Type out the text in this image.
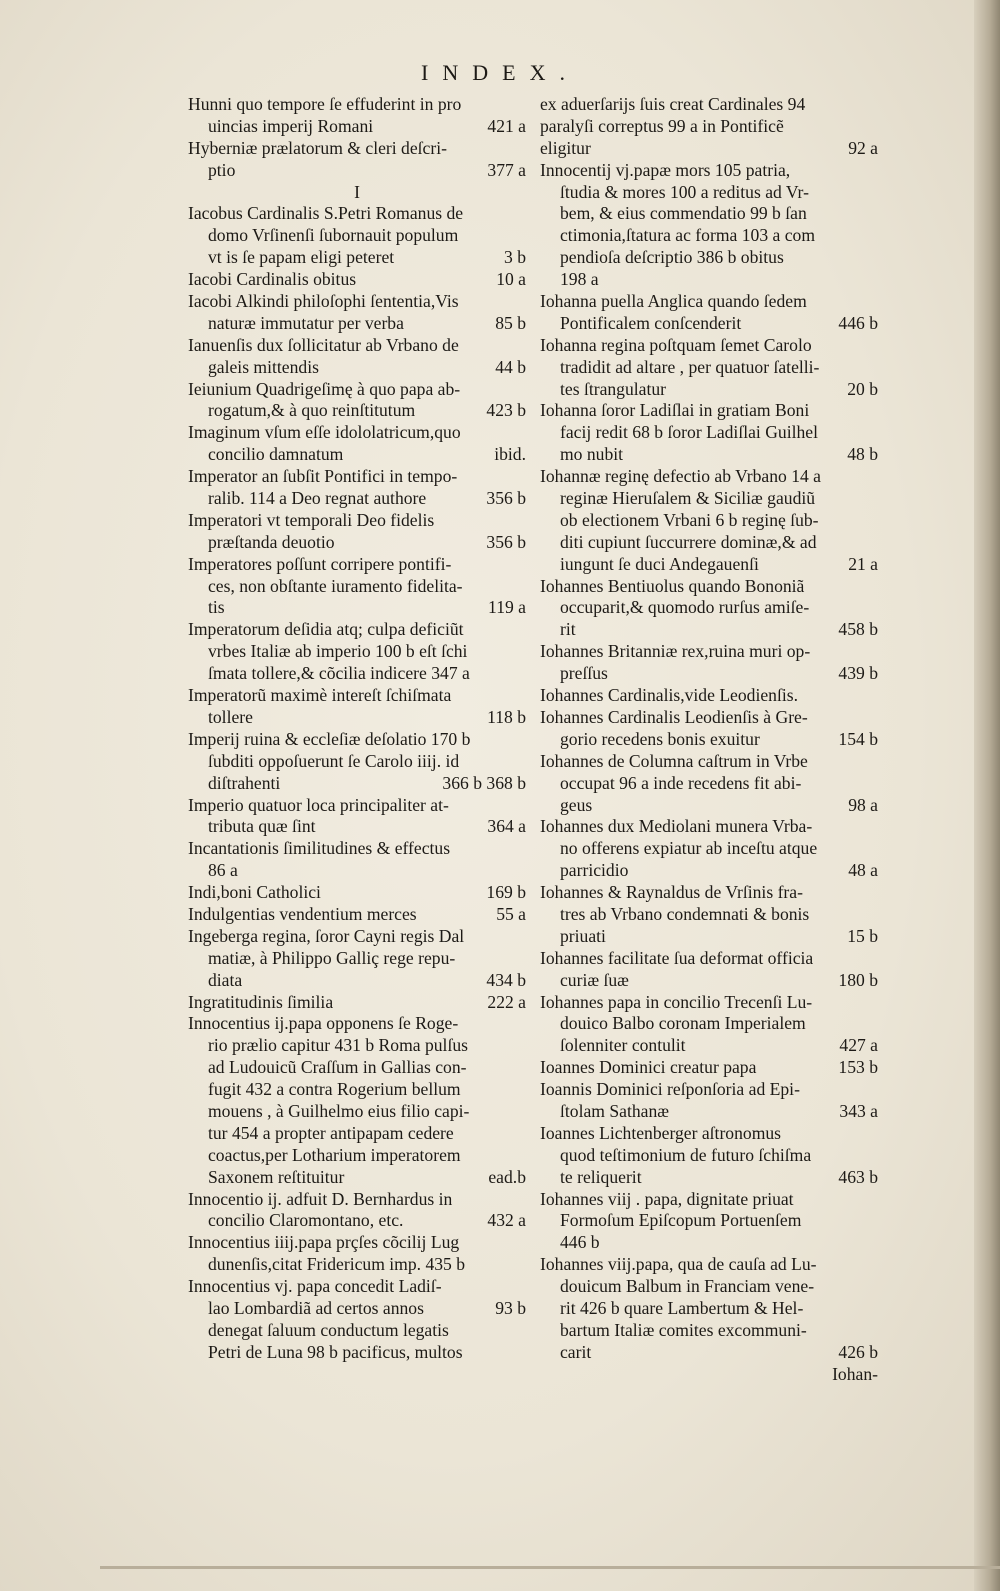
INDEX.
Hunni quo tempore ſe effuderint in pro
uincias imperij Romani	421 a
Hyberniæ prælatorum & cleri deſcri-
ptio	377 a
I
Iacobus Cardinalis S.Petri Romanus de
domo Vrſinenſi ſubornauit populum
vt is ſe papam eligi peteret	3 b
Iacobi Cardinalis obitus	10 a
Iacobi Alkindi philoſophi ſententia,Vis
naturæ immutatur per verba	85 b
Ianuenſis dux ſollicitatur ab Vrbano de
galeis mittendis	44 b
Ieiunium Quadrigeſimę à quo papa ab-
rogatum,& à quo reinſtitutum	423 b
Imaginum vſum eſſe idololatricum,quo
concilio damnatum	ibid.
Imperator an ſubſit Pontifici in tempo-
ralib. 114 a Deo regnat authore	356 b
Imperatori vt temporali Deo fidelis
præſtanda deuotio	356 b
Imperatores poſſunt corripere pontifi-
ces, non obſtante iuramento fidelita-
tis	119 a
Imperatorum deſidia atq; culpa deficiũt
vrbes Italiæ ab imperio 100 b eſt ſchi
ſmata tollere,& cõcilia indicere 347 a
Imperatorũ maximè intereſt ſchiſmata
tollere	118 b
Imperij ruina & eccleſiæ deſolatio 170 b
ſubditi oppoſuerunt ſe Carolo iiij. id
diſtrahenti	366 b 368 b
Imperio quatuor loca principaliter at-
tributa quæ ſint	364 a
Incantationis ſimilitudines & effectus
86 a
Indi,boni Catholici	169 b
Indulgentias vendentium merces	55 a
Ingeberga regina, ſoror Cayni regis Dal
matiæ, à Philippo Galliç rege repu-
diata	434 b
Ingratitudinis ſimilia	222 a
Innocentius ij.papa opponens ſe Roge-
rio prælio capitur 431 b Roma pulſus
ad Ludouicũ Craſſum in Gallias con-
fugit 432 a contra Rogerium bellum
mouens , à Guilhelmo eius filio capi-
tur 454 a propter antipapam cedere
coactus,per Lotharium imperatorem
Saxonem reſtituitur	ead.b
Innocentio ij. adfuit D. Bernhardus in
concilio Claromontano, etc.	432 a
Innocentius iiij.papa prçſes cõcilij Lug
dunenſis,citat Fridericum imp. 435 b
Innocentius vj. papa concedit Ladiſ-
lao Lombardiã ad certos annos	93 b
denegat ſaluum conductum legatis
Petri de Luna 98 b pacificus, multos
ex aduerſarijs ſuis creat Cardinales 94
paralyſi correptus 99 a in Pontificẽ
eligitur	92 a
Innocentij vj.papæ mors 105 patria,
ſtudia & mores 100 a reditus ad Vr-
bem, & eius commendatio 99 b ſan
ctimonia,ſtatura ac forma 103 a com
pendioſa deſcriptio 386 b obitus
198 a
Iohanna puella Anglica quando ſedem
Pontificalem conſcenderit	446 b
Iohanna regina poſtquam ſemet Carolo
tradidit ad altare , per quatuor ſatelli-
tes ſtrangulatur	20 b
Iohanna ſoror Ladiſlai in gratiam Boni
facij redit 68 b ſoror Ladiſlai Guilhel
mo nubit	48 b
Iohannæ reginę defectio ab Vrbano 14 a
reginæ Hieruſalem & Siciliæ gaudiũ
ob electionem Vrbani 6 b reginę ſub-
diti cupiunt ſuccurrere dominæ,& ad
iungunt ſe duci Andegauenſi	21 a
Iohannes Bentiuolus quando Bononiã
occuparit,& quomodo rurſus amiſe-
rit	458 b
Iohannes Britanniæ rex,ruina muri op-
preſſus	439 b
Iohannes Cardinalis,vide Leodienſis.
Iohannes Cardinalis Leodienſis à Gre-
gorio recedens bonis exuitur	154 b
Iohannes de Columna caſtrum in Vrbe
occupat 96 a inde recedens fit abi-
geus	98 a
Iohannes dux Mediolani munera Vrba-
no offerens expiatur ab inceſtu atque
parricidio	48 a
Iohannes & Raynaldus de Vrſinis fra-
tres ab Vrbano condemnati & bonis
priuati	15 b
Iohannes facilitate ſua deformat officia
curiæ ſuæ	180 b
Iohannes papa in concilio Trecenſi Lu-
douico Balbo coronam Imperialem
ſolenniter contulit	427 a
Ioannes Dominici creatur papa	153 b
Ioannis Dominici reſponſoria ad Epi-
ſtolam Sathanæ	343 a
Ioannes Lichtenberger aſtronomus
quod teſtimonium de futuro ſchiſma
te reliquerit	463 b
Iohannes viij . papa, dignitate priuat
Formoſum Epiſcopum Portuenſem
446 b
Iohannes viij.papa, qua de cauſa ad Lu-
douicum Balbum in Franciam vene-
rit 426 b quare Lambertum & Hel-
bartum Italiæ comites excommuni-
carit	426 b
Iohan-
